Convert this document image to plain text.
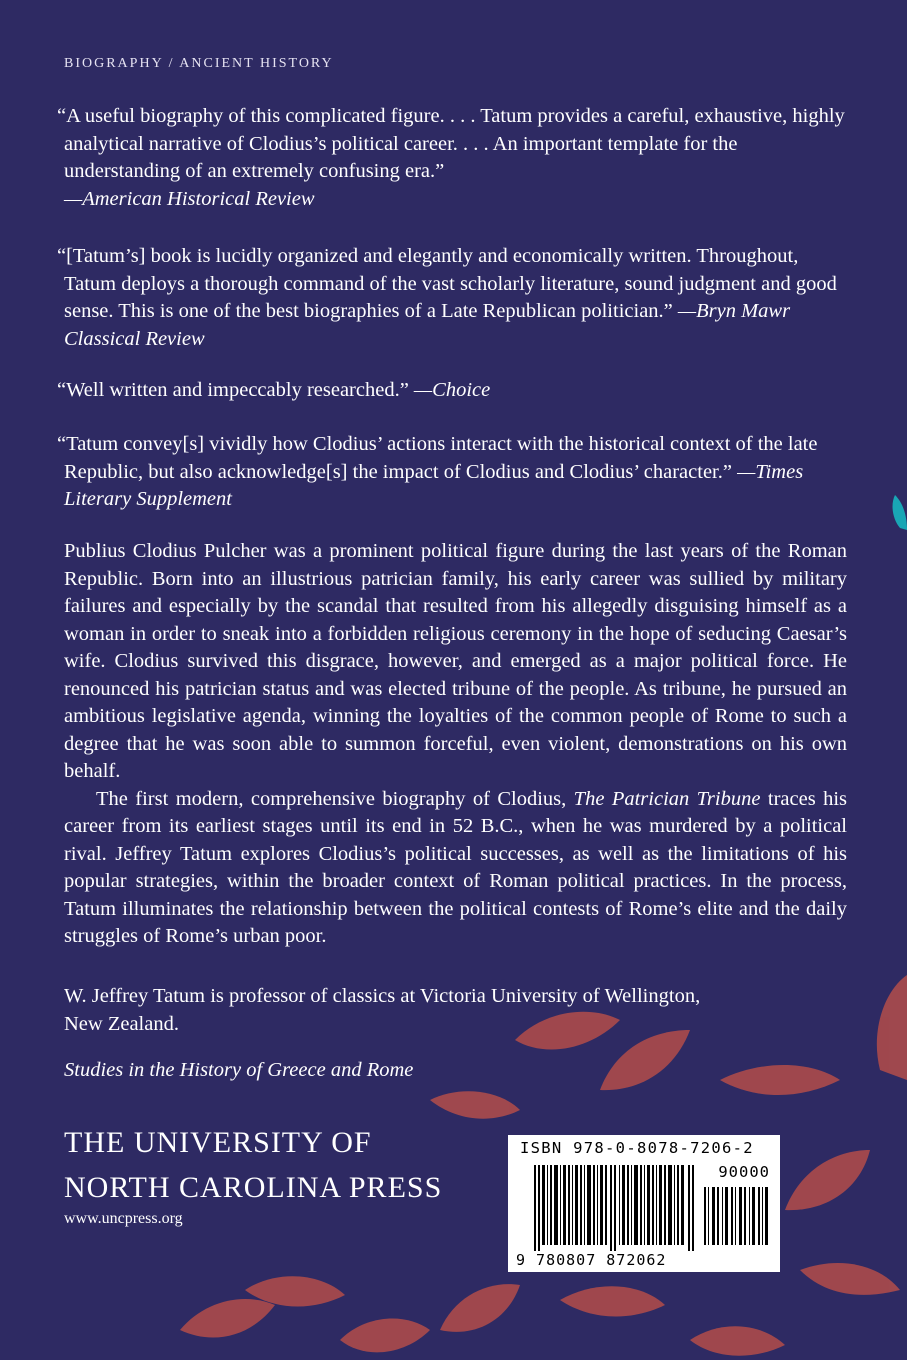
BIOGRAPHY / ANCIENT HISTORY
“A useful biography of this complicated figure. . . . Tatum provides a careful, exhaustive, highly analytical narrative of Clodius’s political career. . . . An important template for the understanding of an extremely confusing era.”
—American Historical Review
“[Tatum’s] book is lucidly organized and elegantly and economically written. Throughout, Tatum deploys a thorough command of the vast scholarly literature, sound judgment and good sense. This is one of the best biographies of a Late Republican politician.” —Bryn Mawr Classical Review
“Well written and impeccably researched.” —Choice
“Tatum convey[s] vividly how Clodius’ actions interact with the historical context of the late Republic, but also acknowledge[s] the impact of Clodius and Clodius’ character.” —Times Literary Supplement

Publius Clodius Pulcher was a prominent political figure during the last years of the Roman Republic. Born into an illustrious patrician family, his early career was sullied by military failures and especially by the scandal that resulted from his allegedly disguising himself as a woman in order to sneak into a forbidden religious ceremony in the hope of seducing Caesar’s wife. Clodius survived this disgrace, however, and emerged as a major political force. He renounced his patrician status and was elected tribune of the people. As tribune, he pursued an ambitious legislative agenda, winning the loyalties of the common people of Rome to such a degree that he was soon able to summon forceful, even violent, demonstrations on his own behalf.

The first modern, comprehensive biography of Clodius, The Patrician Tribune traces his career from its earliest stages until its end in 52 B.C., when he was murdered by a political rival. Jeffrey Tatum explores Clodius’s political successes, as well as the limitations of his popular strategies, within the broader context of Roman political practices. In the process, Tatum illuminates the relationship between the political contests of Rome’s elite and the daily struggles of Rome’s urban poor.

W. Jeffrey Tatum is professor of classics at Victoria University of Wellington,
New Zealand.
Studies in the History of Greece and Rome
THE UNIVERSITY OF
NORTH CAROLINA PRESS
www.uncpress.org
ISBN 978-0-8078-7206-2
90000
9 780807 872062
